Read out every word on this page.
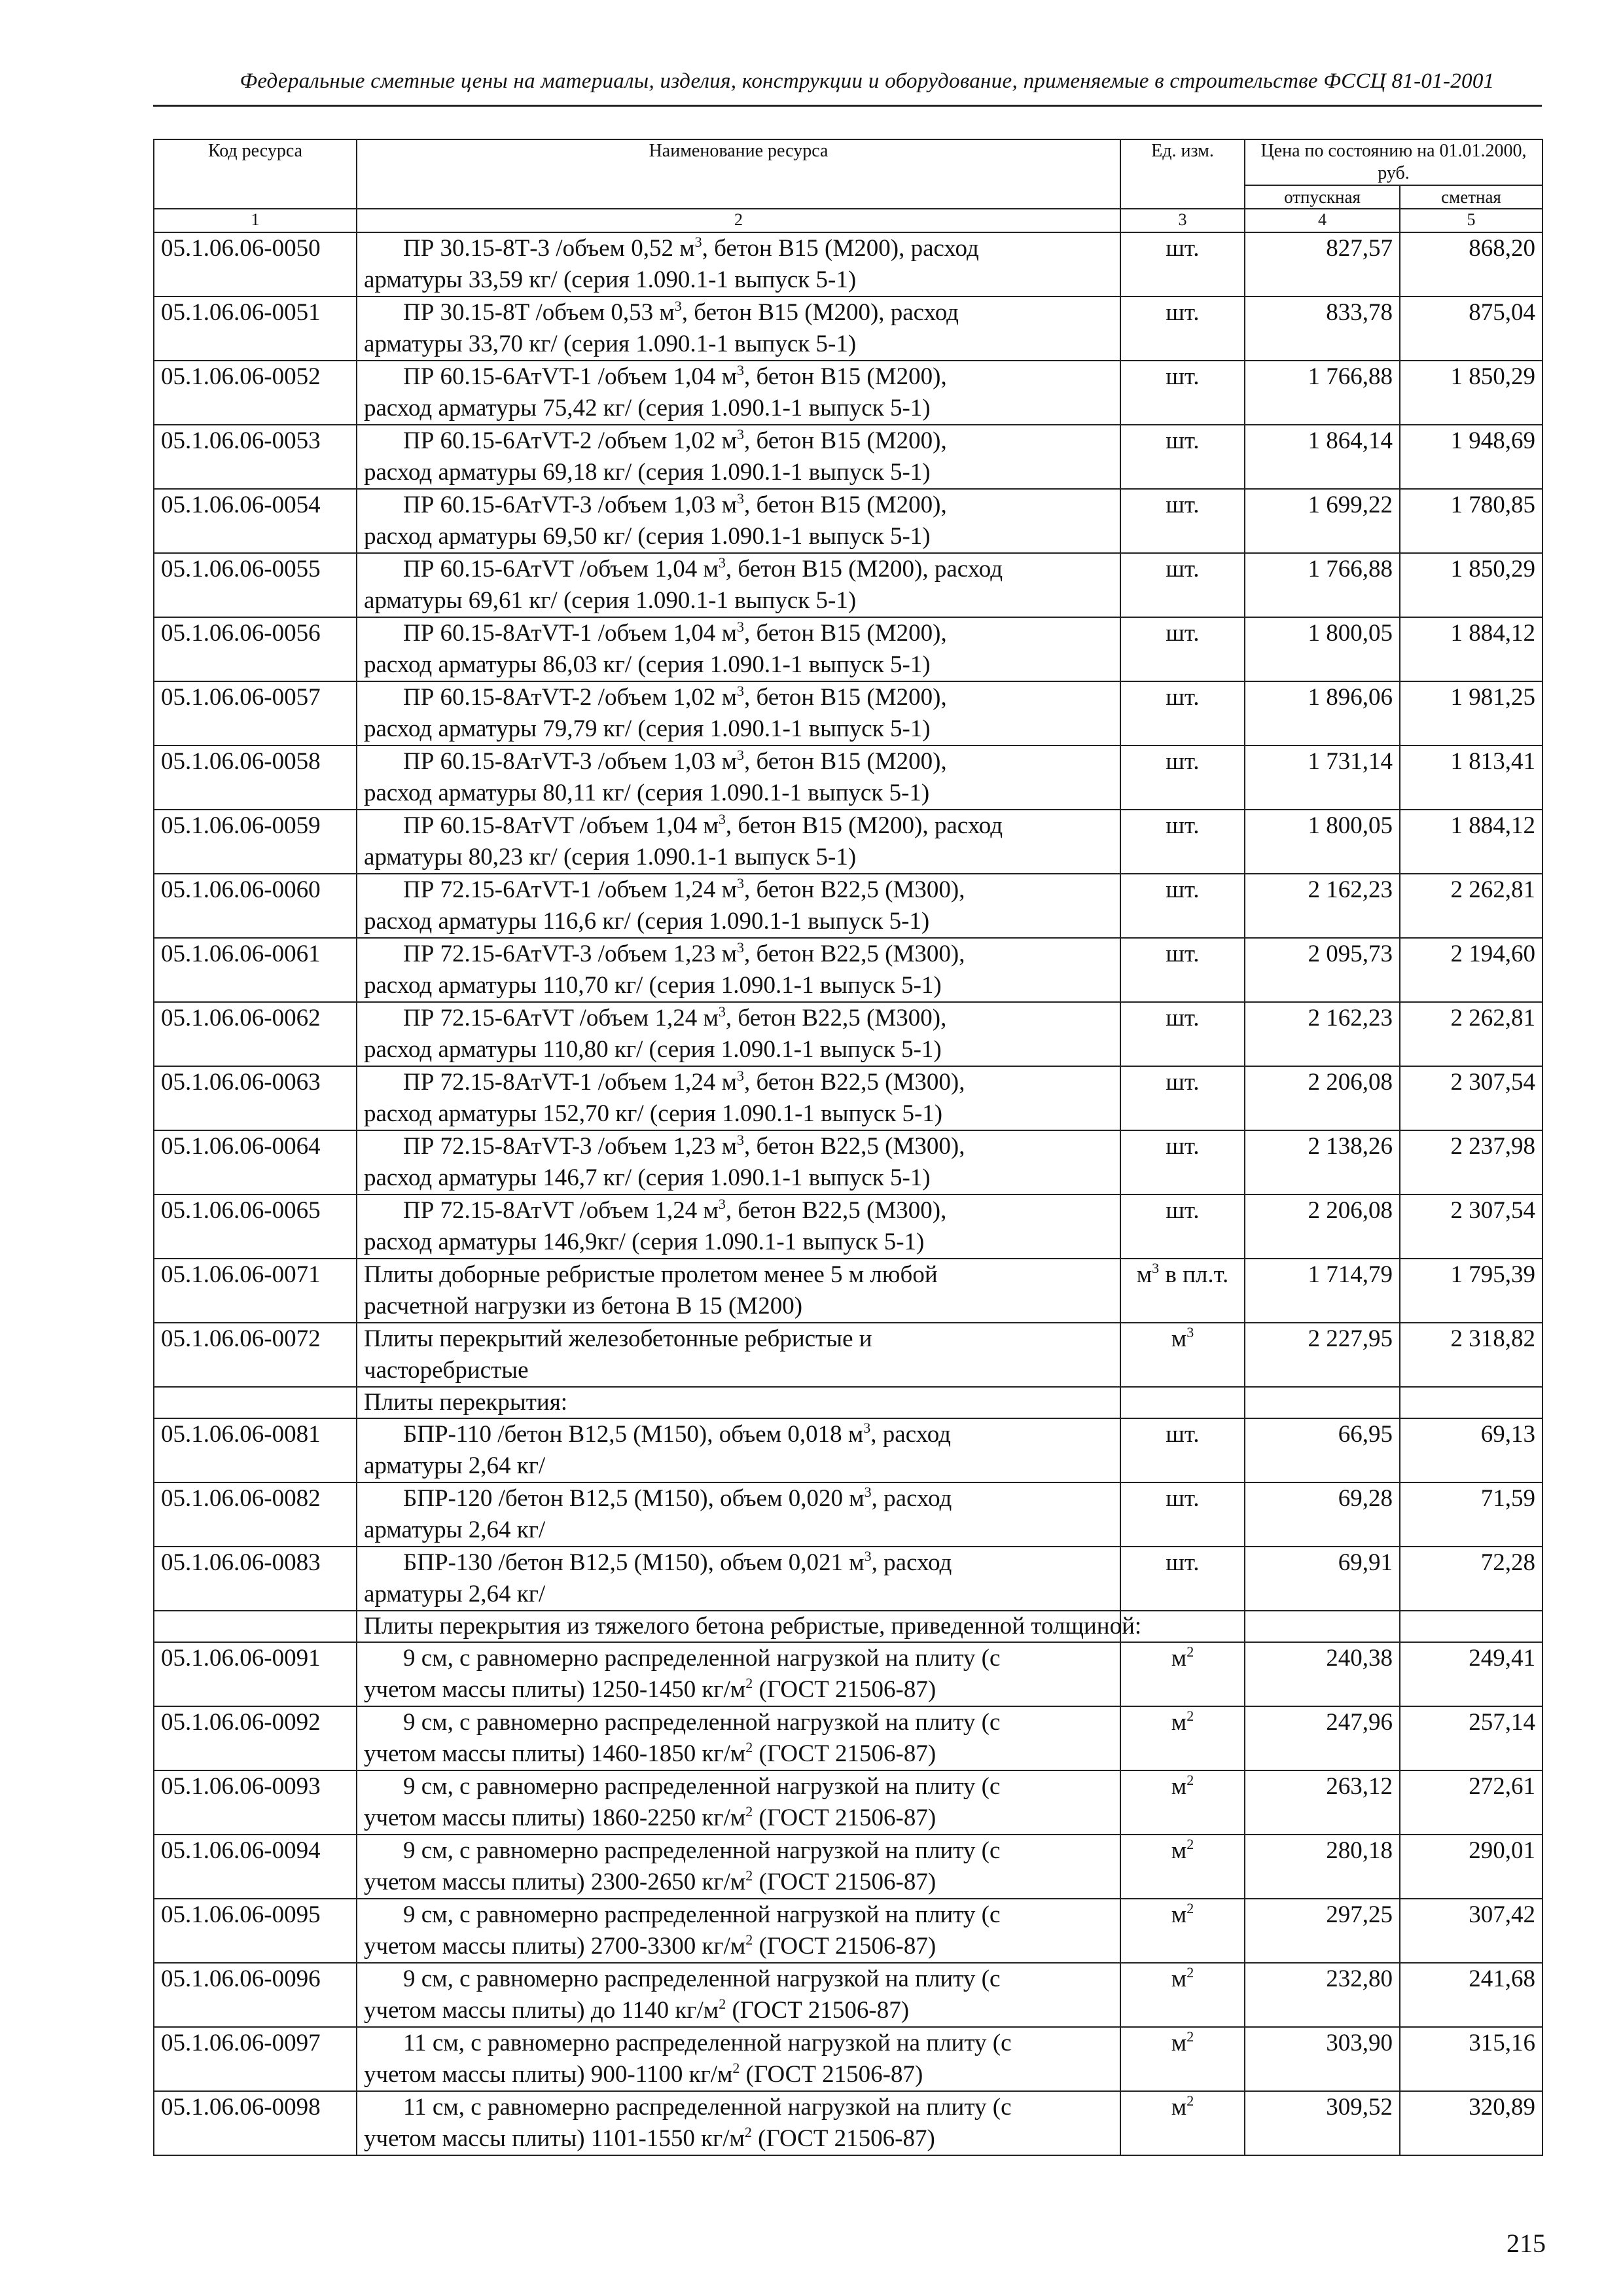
Федеральные сметные цены на материалы, изделия, конструкции и оборудование, применяемые в строительстве ФССЦ 81-01-2001
Код ресурса	Наименование ресурса	Ед. изм.	Цена по состоянию на 01.01.2000, руб.	
			отпускная	сметная
1	2	3	4	5
05.1.06.06-0050	ПР 30.15-8Т-3 /объем 0,52 $м^3$, бетон В15 (М200), расход
арматуры 33,59 кг/ (серия 1.090.1-1 выпуск 5-1)	шт.	827,57	868,20
05.1.06.06-0051	ПР 30.15-8Т /объем 0,53 $м^3$, бетон В15 (М200), расход
арматуры 33,70 кг/ (серия 1.090.1-1 выпуск 5-1)	шт.	833,78	875,04
05.1.06.06-0052	ПР 60.15-6АтVT-1 /объем 1,04 $м^3$, бетон В15 (М200),
расход арматуры 75,42 кг/ (серия 1.090.1-1 выпуск 5-1)	шт.	1 766,88	1 850,29
05.1.06.06-0053	ПР 60.15-6АтVT-2 /объем 1,02 $м^3$, бетон В15 (М200),
расход арматуры 69,18 кг/ (серия 1.090.1-1 выпуск 5-1)	шт.	1 864,14	1 948,69
05.1.06.06-0054	ПР 60.15-6АтVT-3 /объем 1,03 $м^3$, бетон В15 (М200),
расход арматуры 69,50 кг/ (серия 1.090.1-1 выпуск 5-1)	шт.	1 699,22	1 780,85
05.1.06.06-0055	ПР 60.15-6АтVT /объем 1,04 $м^3$, бетон В15 (М200), расход
арматуры 69,61 кг/ (серия 1.090.1-1 выпуск 5-1)	шт.	1 766,88	1 850,29
05.1.06.06-0056	ПР 60.15-8АтVT-1 /объем 1,04 $м^3$, бетон В15 (М200),
расход арматуры 86,03 кг/ (серия 1.090.1-1 выпуск 5-1)	шт.	1 800,05	1 884,12
05.1.06.06-0057	ПР 60.15-8АтVT-2 /объем 1,02 $м^3$, бетон В15 (М200),
расход арматуры 79,79 кг/ (серия 1.090.1-1 выпуск 5-1)	шт.	1 896,06	1 981,25
05.1.06.06-0058	ПР 60.15-8АтVT-3 /объем 1,03 $м^3$, бетон В15 (М200),
расход арматуры 80,11 кг/ (серия 1.090.1-1 выпуск 5-1)	шт.	1 731,14	1 813,41
05.1.06.06-0059	ПР 60.15-8АтVT /объем 1,04 $м^3$, бетон В15 (М200), расход
арматуры 80,23 кг/ (серия 1.090.1-1 выпуск 5-1)	шт.	1 800,05	1 884,12
05.1.06.06-0060	ПР 72.15-6АтVT-1 /объем 1,24 $м^3$, бетон В22,5 (М300),
расход арматуры 116,6 кг/ (серия 1.090.1-1 выпуск 5-1)	шт.	2 162,23	2 262,81
05.1.06.06-0061	ПР 72.15-6АтVT-3 /объем 1,23 $м^3$, бетон В22,5 (М300),
расход арматуры 110,70 кг/ (серия 1.090.1-1 выпуск 5-1)	шт.	2 095,73	2 194,60
05.1.06.06-0062	ПР 72.15-6АтVT /объем 1,24 $м^3$, бетон В22,5 (М300),
расход арматуры 110,80 кг/ (серия 1.090.1-1 выпуск 5-1)	шт.	2 162,23	2 262,81
05.1.06.06-0063	ПР 72.15-8АтVT-1 /объем 1,24 $м^3$, бетон В22,5 (М300),
расход арматуры 152,70 кг/ (серия 1.090.1-1 выпуск 5-1)	шт.	2 206,08	2 307,54
05.1.06.06-0064	ПР 72.15-8АтVT-3 /объем 1,23 $м^3$, бетон В22,5 (М300),
расход арматуры 146,7 кг/ (серия 1.090.1-1 выпуск 5-1)	шт.	2 138,26	2 237,98
05.1.06.06-0065	ПР 72.15-8АтVT /объем 1,24 $м^3$, бетон В22,5 (М300),
расход арматуры 146,9кг/ (серия 1.090.1-1 выпуск 5-1)	шт.	2 206,08	2 307,54
05.1.06.06-0071	Плиты доборные ребристые пролетом менее 5 м любой
расчетной нагрузки из бетона В 15 (М200)	$м^3$ в пл.т.	1 714,79	1 795,39
05.1.06.06-0072	Плиты перекрытий железобетонные ребристые и
часторебристые	$м^3$	2 227,95	2 318,82
	Плиты перекрытия:			
05.1.06.06-0081	БПР-110 /бетон В12,5 (М150), объем 0,018 $м^3$, расход
арматуры 2,64 кг/	шт.	66,95	69,13
05.1.06.06-0082	БПР-120 /бетон В12,5 (М150), объем 0,020 $м^3$, расход
арматуры 2,64 кг/	шт.	69,28	71,59
05.1.06.06-0083	БПР-130 /бетон В12,5 (М150), объем 0,021 $м^3$, расход
арматуры 2,64 кг/	шт.	69,91	72,28
	Плиты перекрытия из тяжелого бетона ребристые, приведенной толщиной:			
05.1.06.06-0091	9 см, с равномерно распределенной нагрузкой на плиту (с
учетом массы плиты) 1250-1450 $кг/м^2$ (ГОСТ 21506-87)	$м^2$	240,38	249,41
05.1.06.06-0092	9 см, с равномерно распределенной нагрузкой на плиту (с
учетом массы плиты) 1460-1850 $кг/м^2$ (ГОСТ 21506-87)	$м^2$	247,96	257,14
05.1.06.06-0093	9 см, с равномерно распределенной нагрузкой на плиту (с
учетом массы плиты) 1860-2250 $кг/м^2$ (ГОСТ 21506-87)	$м^2$	263,12	272,61
05.1.06.06-0094	9 см, с равномерно распределенной нагрузкой на плиту (с
учетом массы плиты) 2300-2650 $кг/м^2$ (ГОСТ 21506-87)	$м^2$	280,18	290,01
05.1.06.06-0095	9 см, с равномерно распределенной нагрузкой на плиту (с
учетом массы плиты) 2700-3300 $кг/м^2$ (ГОСТ 21506-87)	$м^2$	297,25	307,42
05.1.06.06-0096	9 см, с равномерно распределенной нагрузкой на плиту (с
учетом массы плиты) до 1140 $кг/м^2$ (ГОСТ 21506-87)	$м^2$	232,80	241,68
05.1.06.06-0097	11 см, с равномерно распределенной нагрузкой на плиту (с
учетом массы плиты) 900-1100 $кг/м^2$ (ГОСТ 21506-87)	$м^2$	303,90	315,16
05.1.06.06-0098	11 см, с равномерно распределенной нагрузкой на плиту (с
учетом массы плиты) 1101-1550 $кг/м^2$ (ГОСТ 21506-87)	$м^2$	309,52	320,89
215
